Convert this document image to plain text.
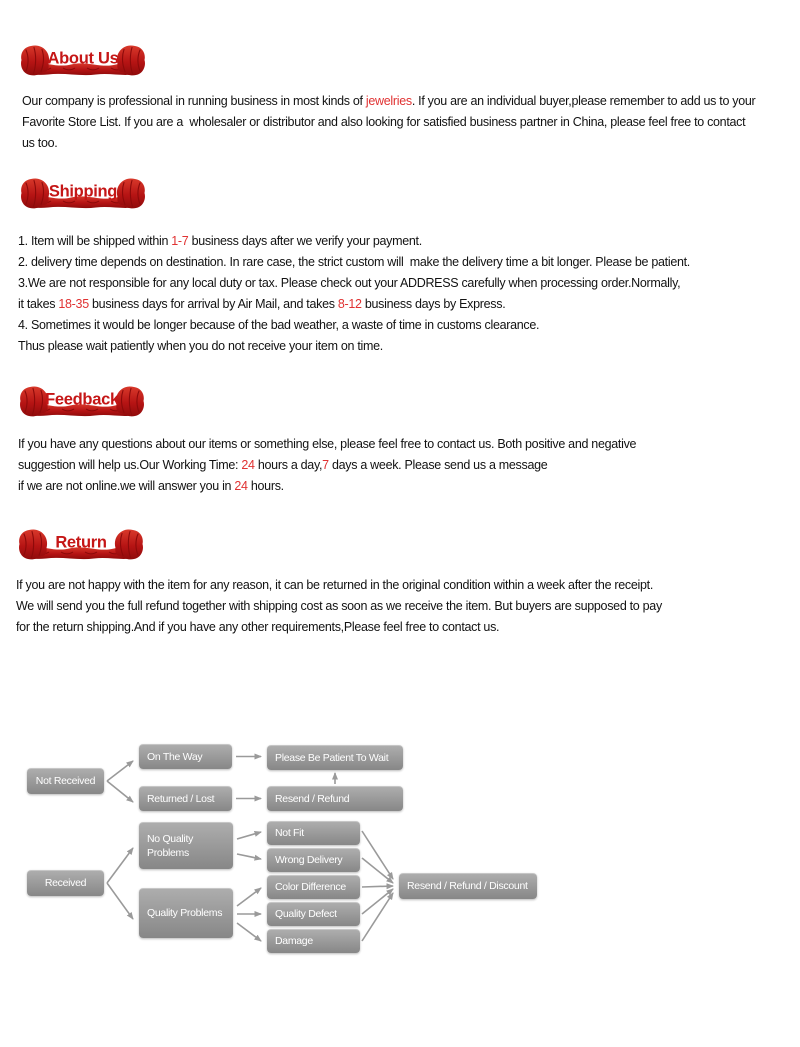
About Us
Our company is professional in running business in most kinds of jewelries. If you are an individual buyer,please remember to add us to your
Favorite Store List. If you are a  wholesaler or distributor and also looking for satisfied business partner in China, please feel free to contact
us too.
Shipping
1. Item will be shipped within 1-7 business days after we verify your payment.
2. delivery time depends on destination. In rare case, the strict custom will  make the delivery time a bit longer. Please be patient.
3.We are not responsible for any local duty or tax. Please check out your ADDRESS carefully when processing order.Normally,
it takes 18-35 business days for arrival by Air Mail, and takes 8-12 business days by Express.
4. Sometimes it would be longer because of the bad weather, a waste of time in customs clearance.
Thus please wait patiently when you do not receive your item on time.
Feedback
If you have any questions about our items or something else, please feel free to contact us. Both positive and negative
suggestion will help us.Our Working Time: 24 hours a day,7 days a week. Please send us a message
if we are not online.we will answer you in 24 hours.
Return
If you are not happy with the item for any reason, it can be returned in the original condition within a week after the receipt.
We will send you the full refund together with shipping cost as soon as we receive the item. But buyers are supposed to pay
for the return shipping.And if you have any other requirements,Please feel free to contact us.
Not Received
On The Way
Returned / Lost
Please Be Patient To Wait
Resend / Refund
No Quality Problems
Received
Quality Problems
Not Fit
Wrong Delivery
Color Difference
Quality Defect
Damage
Resend / Refund / Discount
